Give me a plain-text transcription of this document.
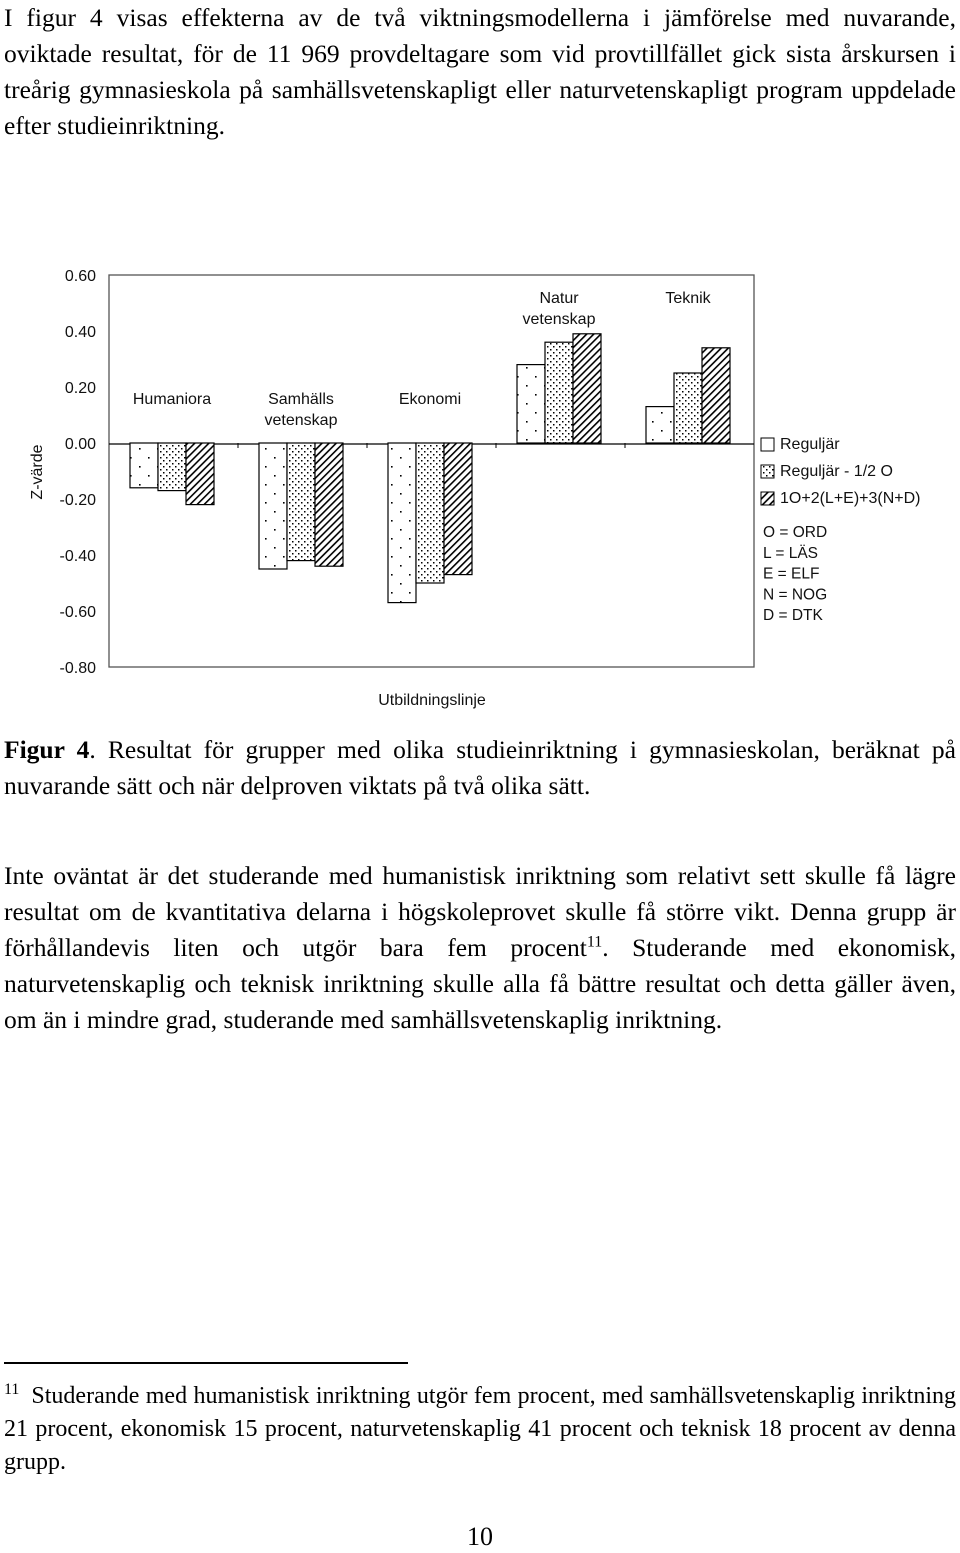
I figur 4 visas effekterna av de två viktningsmodellerna i jämförelse med nuvarande, oviktade resultat, för de 11 969 provdeltagare som vid provtillfället gick sista årskursen i treårig gymnasieskola på samhällsvetenskapligt eller naturvetenskapligt program uppdelade efter studieinriktning.

Z-värde
Utbildningslinje
0.60
0.40
0.20
0.00
-0.20
-0.40
-0.60
-0.80
Humaniora	Samhälls vetenskap
Ekonomi
Natur vetenskap
Teknik
Reguljär
Reguljär - 1/2 O
1O+2(L+E)+3(N+D)
O = ORD
L = LÄS
E = ELF
N = NOG
D = DTK

Figur 4. Resultat för grupper med olika studieinriktning i gymnasieskolan, beräknat på nuvarande sätt och när delproven viktats på två olika sätt.

Inte oväntat är det studerande med humanistisk inriktning som relativt sett skulle få lägre resultat om de kvantitativa delarna i högskoleprovet skulle få större vikt. Denna grupp är förhållandevis liten och utgör bara fem procent$^{11}$. Studerande med ekonomisk, naturvetenskaplig och teknisk inriktning skulle alla få bättre resultat och detta gäller även, om än i mindre grad, studerande med samhällsvetenskaplig inriktning.

$^{11}$ Studerande med humanistisk inriktning utgör fem procent, med samhällsvetenskaplig inriktning 21 procent, ekonomisk 15 procent, naturvetenskaplig 41 procent och teknisk 18 procent av denna grupp.

10
